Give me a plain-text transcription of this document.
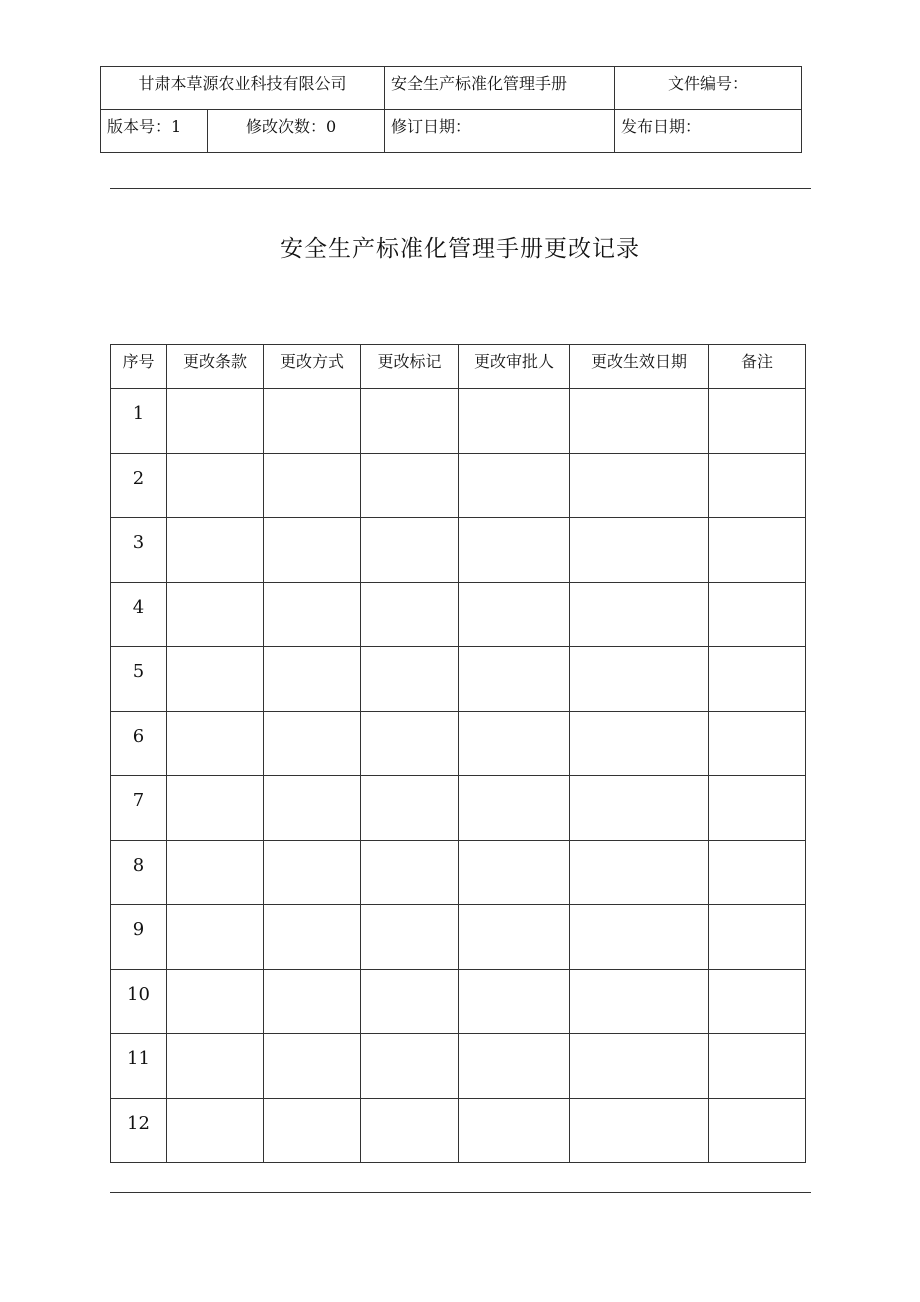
甘肃本草源农业科技有限公司	安全生产标准化管理手册	文件编号：

版本号：1 修改次数：0	修订日期：	发布日期：
安全生产标准化管理手册更改记录
序号	更改条款	更改方式	更改标记	更改审批人	更改生效日期	备注
1						
2						
3						
4						
5						
6						
7						
8						
9						
10						
11						
12						
